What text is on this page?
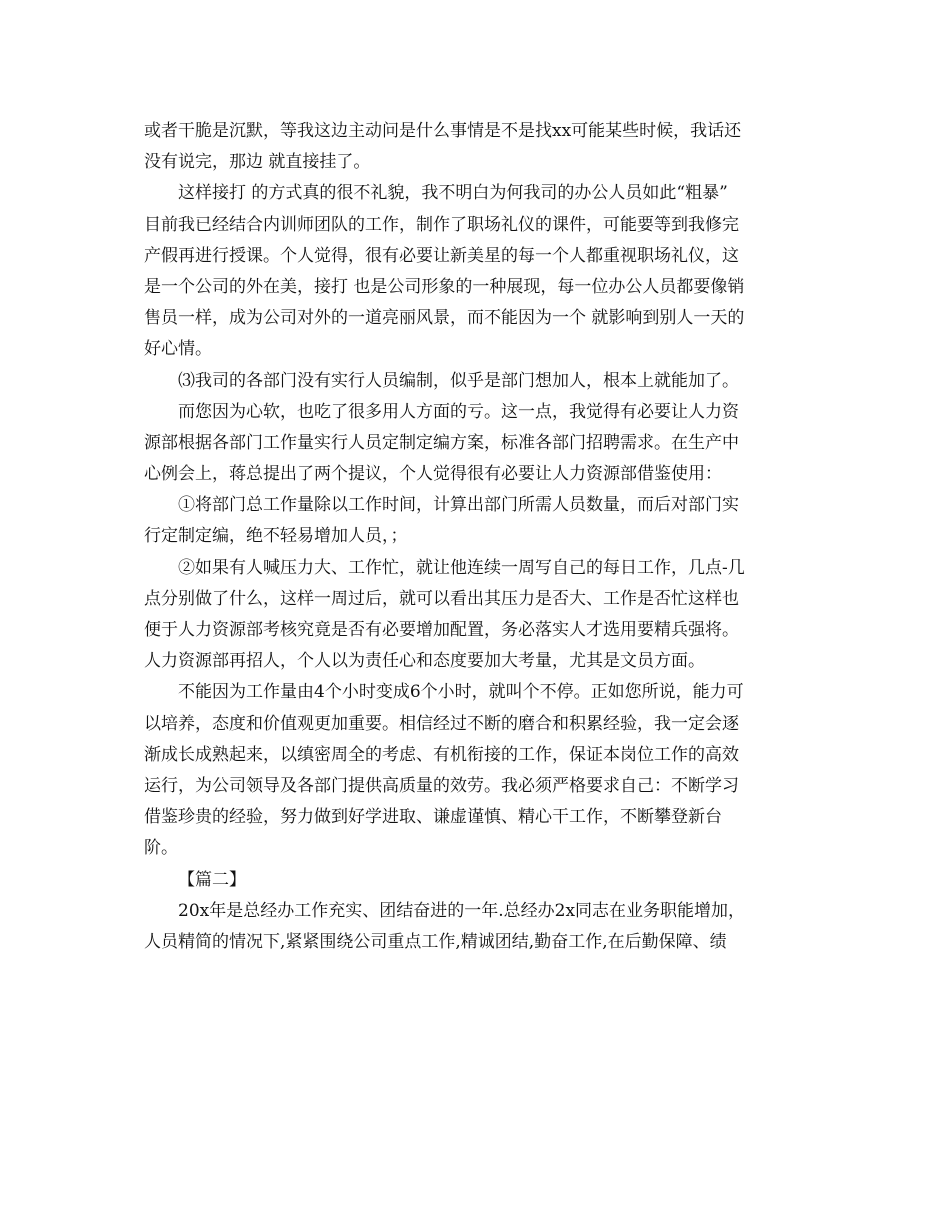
或者干脆是沉默，等我这边主动问是什么事情是不是找xx可能某些时候，我话还
没有说完，那边 就直接挂了。
这样接打 的方式真的很不礼貌，我不明白为何我司的办公人员如此“粗暴”
目前我已经结合内训师团队的工作，制作了职场礼仪的课件，可能要等到我修完
产假再进行授课。个人觉得，很有必要让新美星的每一个人都重视职场礼仪，这
是一个公司的外在美，接打 也是公司形象的一种展现，每一位办公人员都要像销
售员一样，成为公司对外的一道亮丽风景，而不能因为一个 就影响到别人一天的
好心情。
⑶我司的各部门没有实行人员编制，似乎是部门想加人，根本上就能加了。
而您因为心软，也吃了很多用人方面的亏。这一点，我觉得有必要让人力资
源部根据各部门工作量实行人员定制定编方案，标准各部门招聘需求。在生产中
心例会上，蒋总提出了两个提议，个人觉得很有必要让人力资源部借鉴使用：
①将部门总工作量除以工作时间，计算出部门所需人员数量，而后对部门实
行定制定编，绝不轻易增加人员，；
②如果有人喊压力大、工作忙，就让他连续一周写自己的每日工作，几点-几
点分别做了什么，这样一周过后，就可以看出其压力是否大、工作是否忙这样也
便于人力资源部考核究竟是否有必要增加配置，务必落实人才选用要精兵强将。
人力资源部再招人，个人以为责任心和态度要加大考量，尤其是文员方面。
不能因为工作量由4个小时变成6个小时，就叫个不停。正如您所说，能力可
以培养，态度和价值观更加重要。相信经过不断的磨合和积累经验，我一定会逐
渐成长成熟起来，以缜密周全的考虑、有机衔接的工作，保证本岗位工作的高效
运行，为公司领导及各部门提供高质量的效劳。我必须严格要求自己：不断学习
借鉴珍贵的经验，努力做到好学进取、谦虚谨慎、精心干工作，不断攀登新台
阶。
【篇二】
20x年是总经办工作充实、团结奋进的一年.总经办2x同志在业务职能增加，
人员精简的情况下,紧紧围绕公司重点工作,精诚团结,勤奋工作,在后勤保障、绩
